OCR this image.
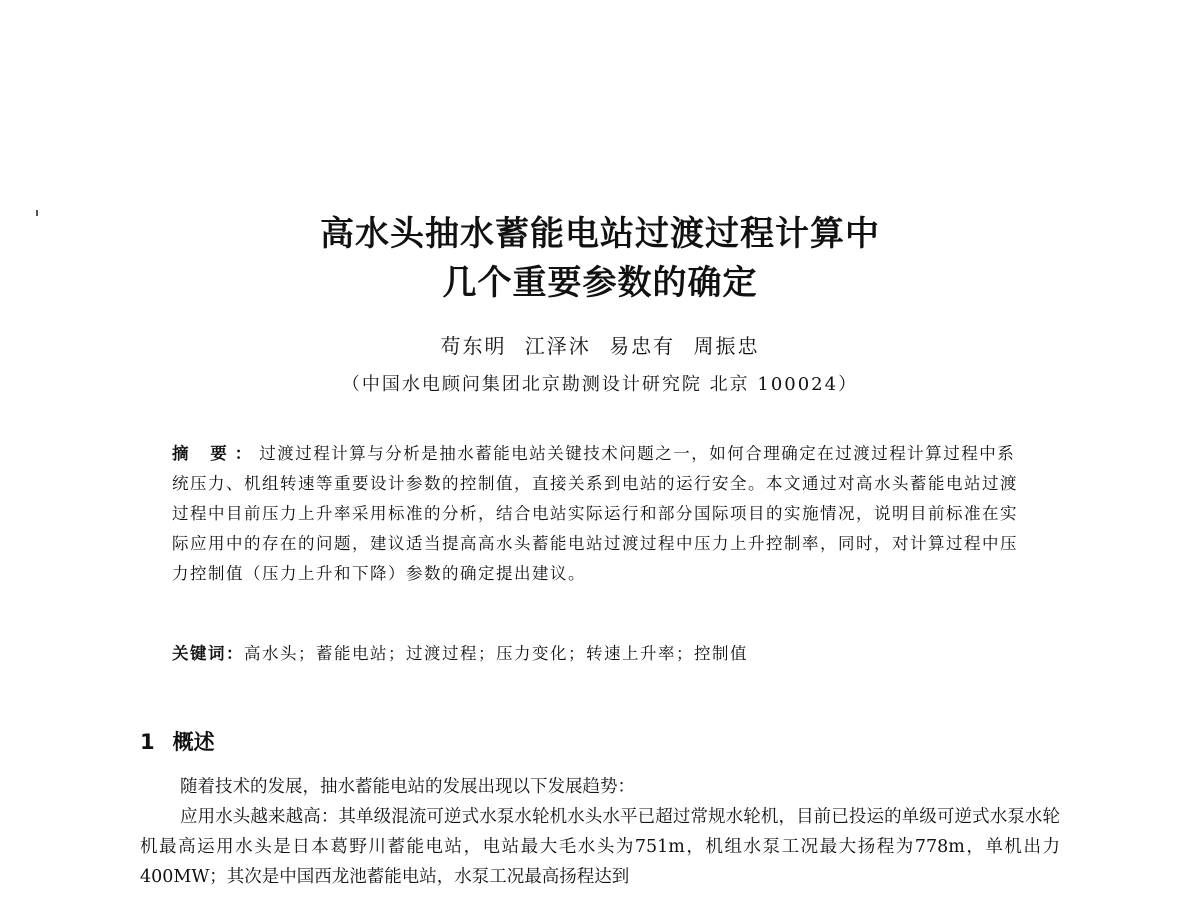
高水头抽水蓄能电站过渡过程计算中
几个重要参数的确定
苟东明 江泽沐 易忠有 周振忠
（中国水电顾问集团北京勘测设计研究院 北京 100024）
摘 要：过渡过程计算与分析是抽水蓄能电站关键技术问题之一，如何合理确定在过渡过程计算过程中系统压力、机组转速等重要设计参数的控制值，直接关系到电站的运行安全。本文通过对高水头蓄能电站过渡过程中目前压力上升率采用标准的分析，结合电站实际运行和部分国际项目的实施情况，说明目前标准在实际应用中的存在的问题，建议适当提高高水头蓄能电站过渡过程中压力上升控制率，同时，对计算过程中压力控制值（压力上升和下降）参数的确定提出建议。
关键词：高水头；蓄能电站；过渡过程；压力变化；转速上升率；控制值
1 概述

随着技术的发展，抽水蓄能电站的发展出现以下发展趋势：

应用水头越来越高：其单级混流可逆式水泵水轮机水头水平已超过常规水轮机，目前已投运的单级可逆式水泵水轮机最高运用水头是日本葛野川蓄能电站，电站最大毛水头为751m，机组水泵工况最大扬程为778m，单机出力400MW；其次是中国西龙池蓄能电站，水泵工况最高扬程达到
